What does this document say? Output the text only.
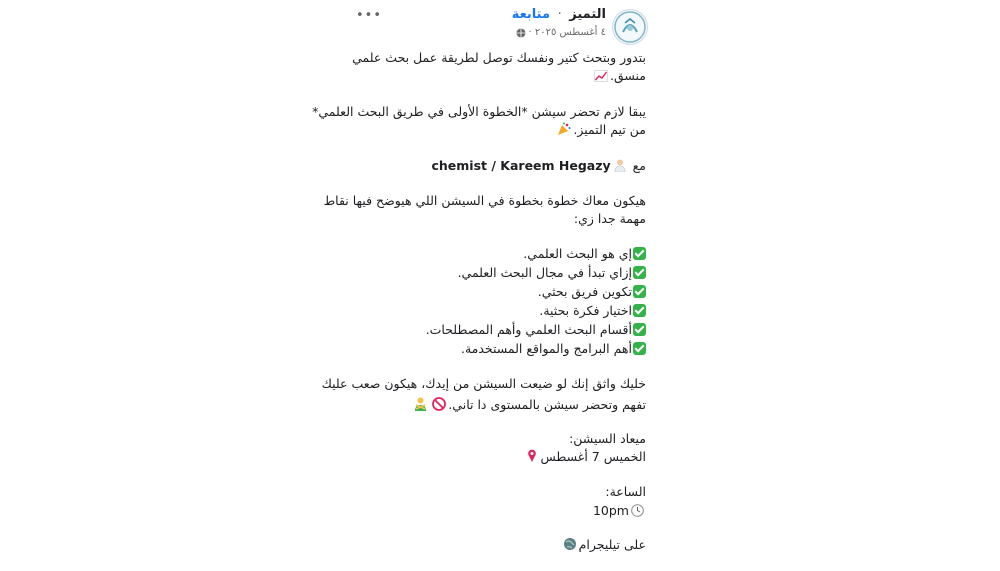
التميز · متابعة
٤ أغسطس ٢٠٢٥ ·
•••
بتدور وبتحث كتير ونفسك توصل لطريقة عمل بحث علمي
منسق.
يبقا لازم تحضر سيشن *الخطوة الأولى في طريق البحث العلمي*
من تيم التميز.
مع chemist / Kareem Hegazy
هيكون معاك خطوة بخطوة في السيشن اللي هيوضح فيها نقاط
مهمة جدا زي:
إي هو البحث العلمي.
إزاي تبدأ في مجال البحث العلمي.
تكوين فريق بحثي.
اختيار فكرة بحثية.
أقسام البحث العلمي وأهم المصطلحات.
أهم البرامج والمواقع المستخدمة.
خليك واثق إنك لو ضيعت السيشن من إيدك، هيكون صعب عليك
تفهم وتحضر سيشن بالمستوى دا تاني.
ميعاد السيشن:
الخميس 7 أغسطس
الساعة:
10pm
على تيليجرام
